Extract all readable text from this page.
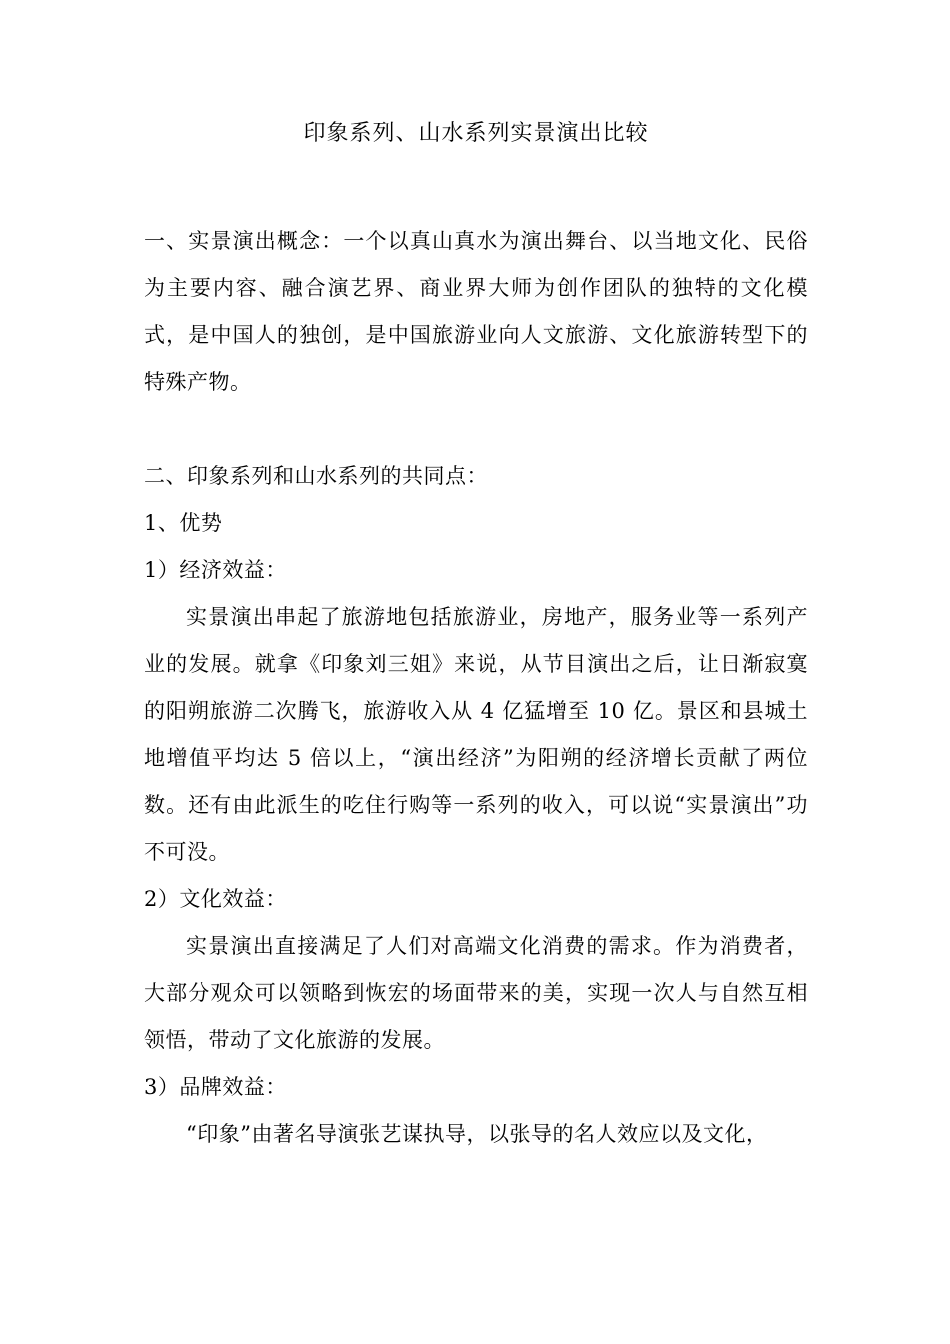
印象系列、山水系列实景演出比较

一、实景演出概念：一个以真山真水为演出舞台、以当地文化、民俗为主要内容、融合演艺界、商业界大师为创作团队的独特的文化模式，是中国人的独创，是中国旅游业向人文旅游、文化旅游转型下的特殊产物。

二、印象系列和山水系列的共同点：

1、优势

1）经济效益：

实景演出串起了旅游地包括旅游业，房地产，服务业等一系列产业的发展。就拿《印象刘三姐》来说，从节目演出之后，让日渐寂寞的阳朔旅游二次腾飞，旅游收入从 4 亿猛增至 10 亿。景区和县城土地增值平均达 5 倍以上，“演出经济”为阳朔的经济增长贡献了两位数。还有由此派生的吃住行购等一系列的收入，可以说“实景演出”功不可没。

2）文化效益：

实景演出直接满足了人们对高端文化消费的需求。作为消费者，大部分观众可以领略到恢宏的场面带来的美，实现一次人与自然互相领悟，带动了文化旅游的发展。

3）品牌效益：

“印象”由著名导演张艺谋执导，以张导的名人效应以及文化，
